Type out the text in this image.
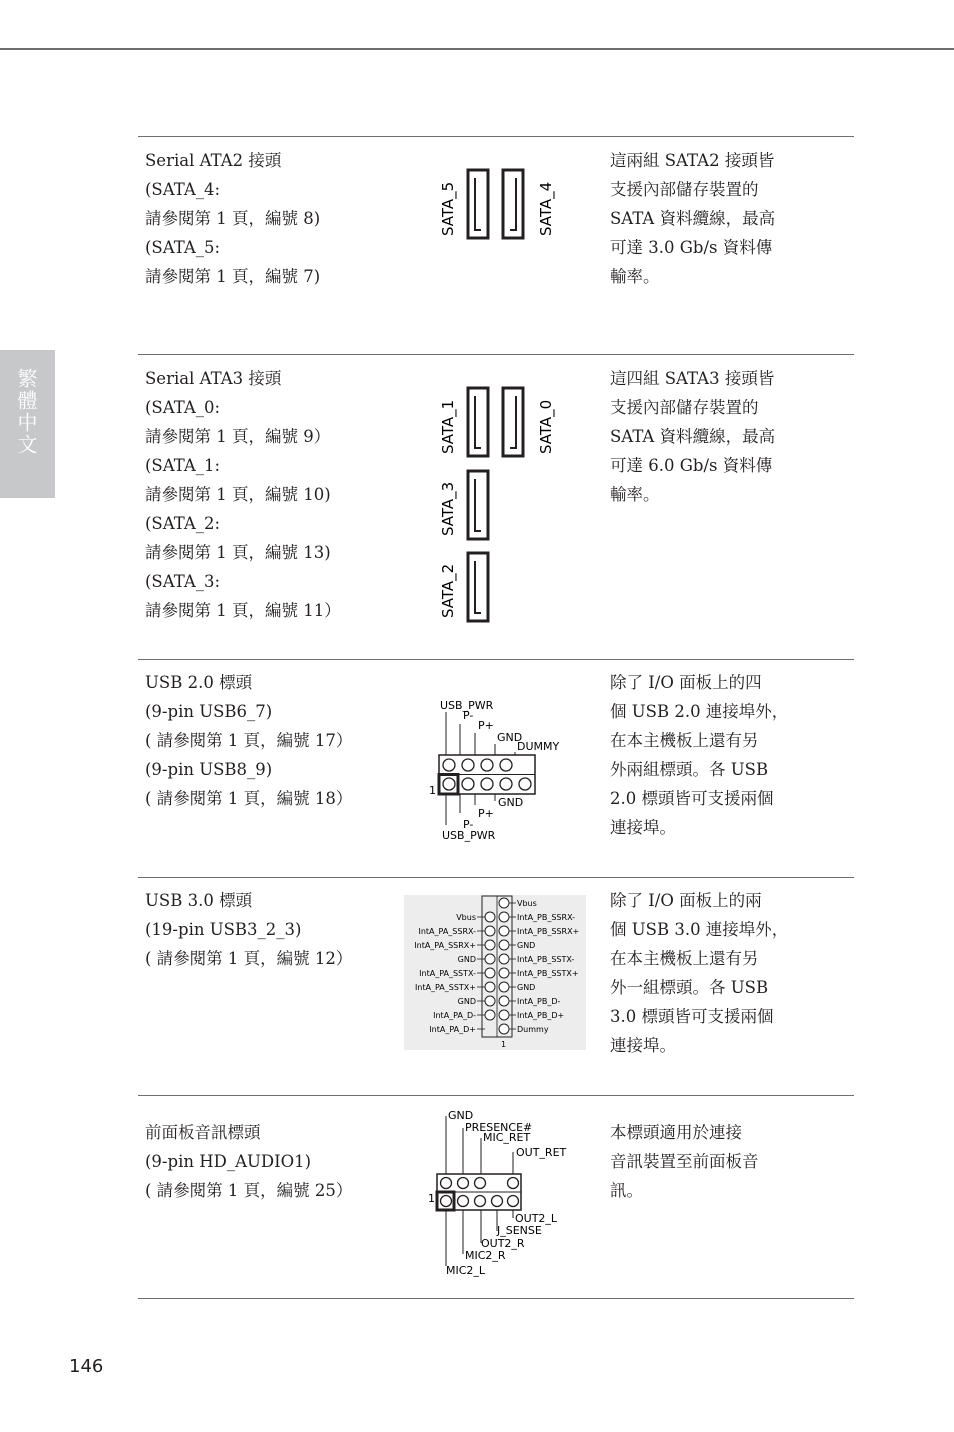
繁體中文
Serial ATA2 接頭
(SATA_4:
請參閱第 1 頁，編號 8)
(SATA_5:
請參閱第 1 頁，編號 7)
這兩組 SATA2 接頭皆
支援內部儲存裝置的
SATA 資料纜線，最高
可達 3.0 Gb/s 資料傳
輸率。
SATA_5	SATA_4
Serial ATA3 接頭
(SATA_0:
請參閱第 1 頁，編號 9）
(SATA_1:
請參閱第 1 頁，編號 10)
(SATA_2:
請參閱第 1 頁，編號 13)
(SATA_3:
請參閱第 1 頁，編號 11）
這四組 SATA3 接頭皆
支援內部儲存裝置的
SATA 資料纜線，最高
可達 6.0 Gb/s 資料傳
輸率。
SATA_1	SATA_0
SATA_3
SATA_2
USB 2.0 標頭
(9-pin USB6_7)
( 請參閱第 1 頁，編號 17）
(9-pin USB8_9)
( 請參閱第 1 頁，編號 18）
除了 I/O 面板上的四
個 USB 2.0 連接埠外，
在本主機板上還有另
外兩組標頭。各 USB
2.0 標頭皆可支援兩個
連接埠。
USB_PWR
P-
P+
GND
DUMMY
GND
P+
P-
USB_PWR
1
USB 3.0 標頭
(19-pin USB3_2_3)
( 請參閱第 1 頁，編號 12）
除了 I/O 面板上的兩
個 USB 3.0 連接埠外，
在本主機板上還有另
外一組標頭。各 USB
3.0 標頭皆可支援兩個
連接埠。
Vbus
IntA_PA_SSRX-
IntA_PA_SSRX+
GND
IntA_PA_SSTX-
IntA_PA_SSTX+
GND
IntA_PA_D-
IntA_PA_D+
Vbus
IntA_PB_SSRX-
IntA_PB_SSRX+
GND
IntA_PB_SSTX-
IntA_PB_SSTX+
GND
IntA_PB_D-
IntA_PB_D+
Dummy
1
前面板音訊標頭
(9-pin HD_AUDIO1)
( 請參閱第 1 頁，編號 25）
本標頭適用於連接
音訊裝置至前面板音
訊。
GND
PRESENCE#
MIC_RET
OUT_RET
OUT2_L
J_SENSE
OUT2_R
MIC2_R
MIC2_L
1
146
